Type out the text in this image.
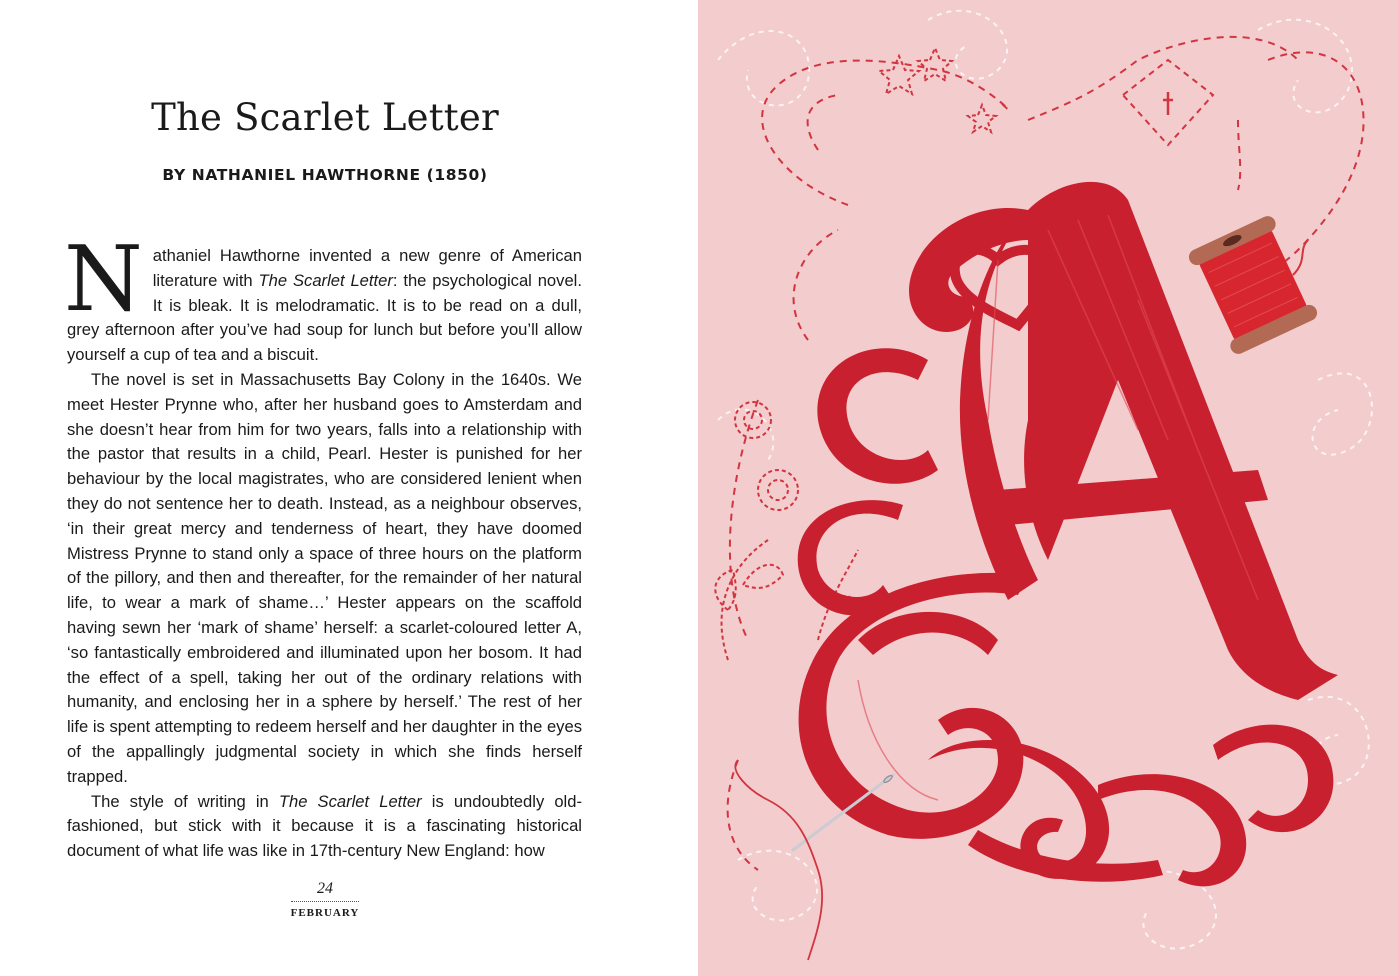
The Scarlet Letter
BY NATHANIEL HAWTHORNE (1850)

Nathaniel Hawthorne invented a new genre of American literature with The Scarlet Letter: the psychological novel. It is bleak. It is melodramatic. It is to be read on a dull, grey afternoon after you’ve had soup for lunch but before you’ll allow yourself a cup of tea and a biscuit.

The novel is set in Massachusetts Bay Colony in the 1640s. We meet Hester Prynne who, after her husband goes to Amsterdam and she doesn’t hear from him for two years, falls into a relationship with the pastor that results in a child, Pearl. Hester is punished for her behaviour by the local magistrates, who are considered lenient when they do not sentence her to death. Instead, as a neighbour observes, ‘in their great mercy and tenderness of heart, they have doomed Mistress Prynne to stand only a space of three hours on the platform of the pillory, and then and thereafter, for the remainder of her natural life, to wear a mark of shame…’ Hester appears on the scaffold having sewn her ‘mark of shame’ herself: a scarlet-coloured letter A, ‘so fantastically embroidered and illuminated upon her bosom. It had the effect of a spell, taking her out of the ordinary relations with humanity, and enclosing her in a sphere by herself.’ The rest of her life is spent attempting to redeem herself and her daughter in the eyes of the appallingly judgmental society in which she finds herself trapped.

The style of writing in The Scarlet Letter is undoubtedly old-fashioned, but stick with it because it is a fascinating historical document of what life was like in 17th-century New England: how

24
FEBRUARY
